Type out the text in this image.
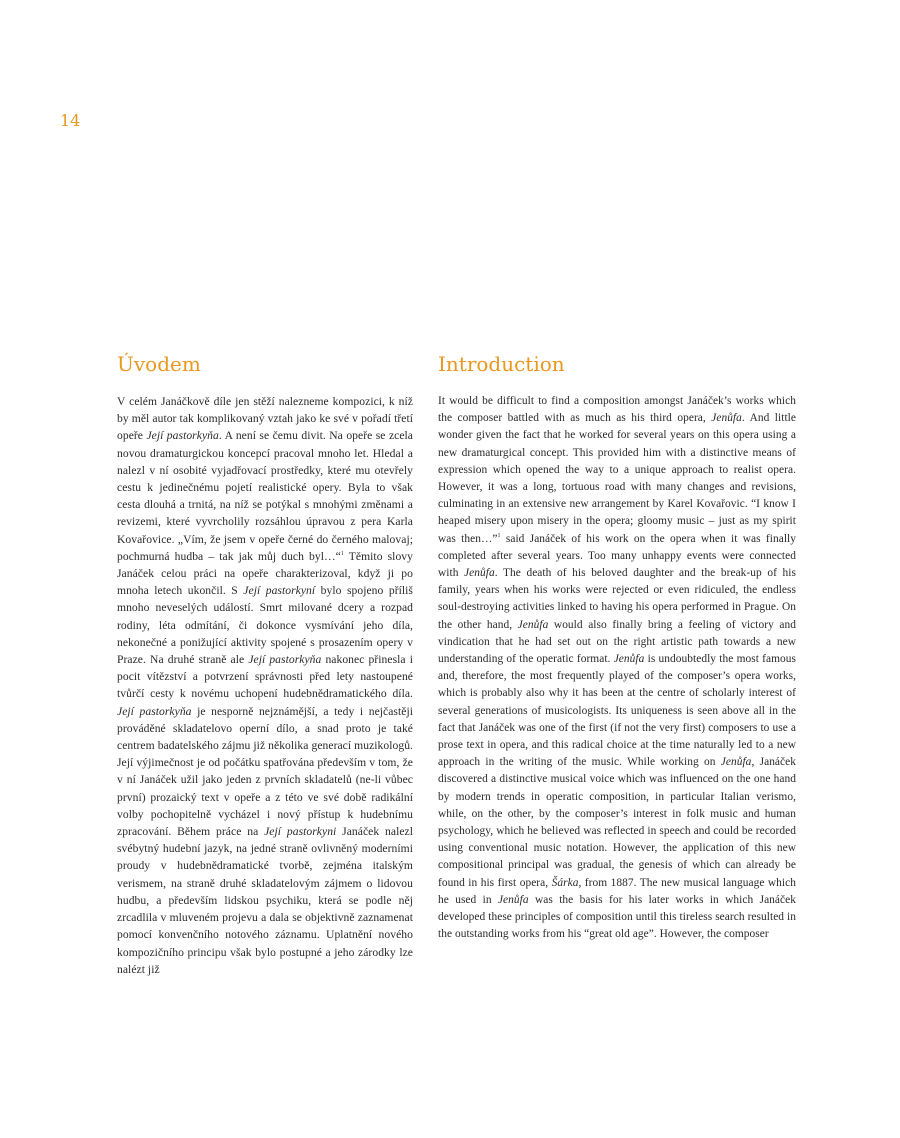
14
Úvodem

V celém Janáčkově díle jen stěží nalezneme kompozici, k níž by měl autor tak komplikovaný vztah jako ke své v pořadí třetí opeře Její pastorkyňa. A není se čemu divit. Na opeře se zcela novou dramaturgickou koncepcí pracoval mnoho let. Hledal a nalezl v ní osobité vyjadřovací prostředky, které mu otevřely cestu k jedinečnému pojetí realistické opery. Byla to však cesta dlouhá a trnitá, na níž se potýkal s mnohými změnami a revizemi, které vyvrcholily rozsáhlou úpravou z pera Karla Kovařovice. „Vím, že jsem v opeře černé do černého malovaj; pochmurná hudba – tak jak můj duch byl…“$^1$ Těmito slovy Janáček celou práci na opeře charakterizoval, když ji po mnoha letech ukončil. S Její pastorkyní bylo spojeno příliš mnoho neveselých událostí. Smrt milované dcery a rozpad rodiny, léta odmítání, či dokonce vysmívání jeho díla, nekonečné a ponižující aktivity spojené s prosazením opery v Praze. Na druhé straně ale Její pastorkyňa nakonec přinesla i pocit vítězství a potvrzení správnosti před lety nastoupené tvůrčí cesty k novému uchopení hudebnědramatického díla. Její pastorkyňa je nesporně nejznámější, a tedy i nejčastěji prováděné skladatelovo operní dílo, a snad proto je také centrem badatelského zájmu již několika generací muzikologů. Její výjimečnost je od počátku spatřována především v tom, že v ní Janáček užil jako jeden z prvních skladatelů (ne-li vůbec první) prozaický text v opeře a z této ve své době radikální volby pochopitelně vycházel i nový přístup k hudebnímu zpracování. Během práce na Její pastorkyni Janáček nalezl svébytný hudební jazyk, na jedné straně ovlivněný moderními proudy v hudebnědramatické tvorbě, zejména italským verismem, na straně druhé skladatelovým zájmem o lidovou hudbu, a především lidskou psychiku, která se podle něj zrcadlila v mluveném projevu a dala se objektivně zaznamenat pomocí konvenčního notového záznamu. Uplatnění nového kompozičního principu však bylo postupné a jeho zárodky lze nalézt již

Introduction

It would be difficult to find a composition amongst Janáček’s works which the composer battled with as much as his third opera, Jenůfa. And little wonder given the fact that he worked for several years on this opera using a new dramaturgical concept. This provided him with a distinctive means of expression which opened the way to a unique approach to realist opera. However, it was a long, tortuous road with many changes and revisions, culminating in an extensive new arrangement by Karel Kovařovic. “I know I heaped misery upon misery in the opera; gloomy music – just as my spirit was then…”$^1$ said Janáček of his work on the opera when it was finally completed after several years. Too many unhappy events were connected with Jenůfa. The death of his beloved daughter and the break-up of his family, years when his works were rejected or even ridiculed, the endless soul-destroying activities linked to having his opera performed in Prague. On the other hand, Jenůfa would also finally bring a feeling of victory and vindication that he had set out on the right artistic path towards a new understanding of the operatic format. Jenůfa is undoubtedly the most famous and, therefore, the most frequently played of the composer’s opera works, which is probably also why it has been at the centre of scholarly interest of several generations of musicologists. Its uniqueness is seen above all in the fact that Janáček was one of the first (if not the very first) composers to use a prose text in opera, and this radical choice at the time naturally led to a new approach in the writing of the music. While working on Jenůfa, Janáček discovered a distinctive musical voice which was influenced on the one hand by modern trends in operatic composition, in particular Italian verismo, while, on the other, by the composer’s interest in folk music and human psychology, which he believed was reflected in speech and could be recorded using conventional music notation. However, the application of this new compositional principal was gradual, the genesis of which can already be found in his first opera, Šárka, from 1887. The new musical language which he used in Jenůfa was the basis for his later works in which Janáček developed these principles of composition until this tireless search resulted in the outstanding works from his “great old age”. However, the composer
